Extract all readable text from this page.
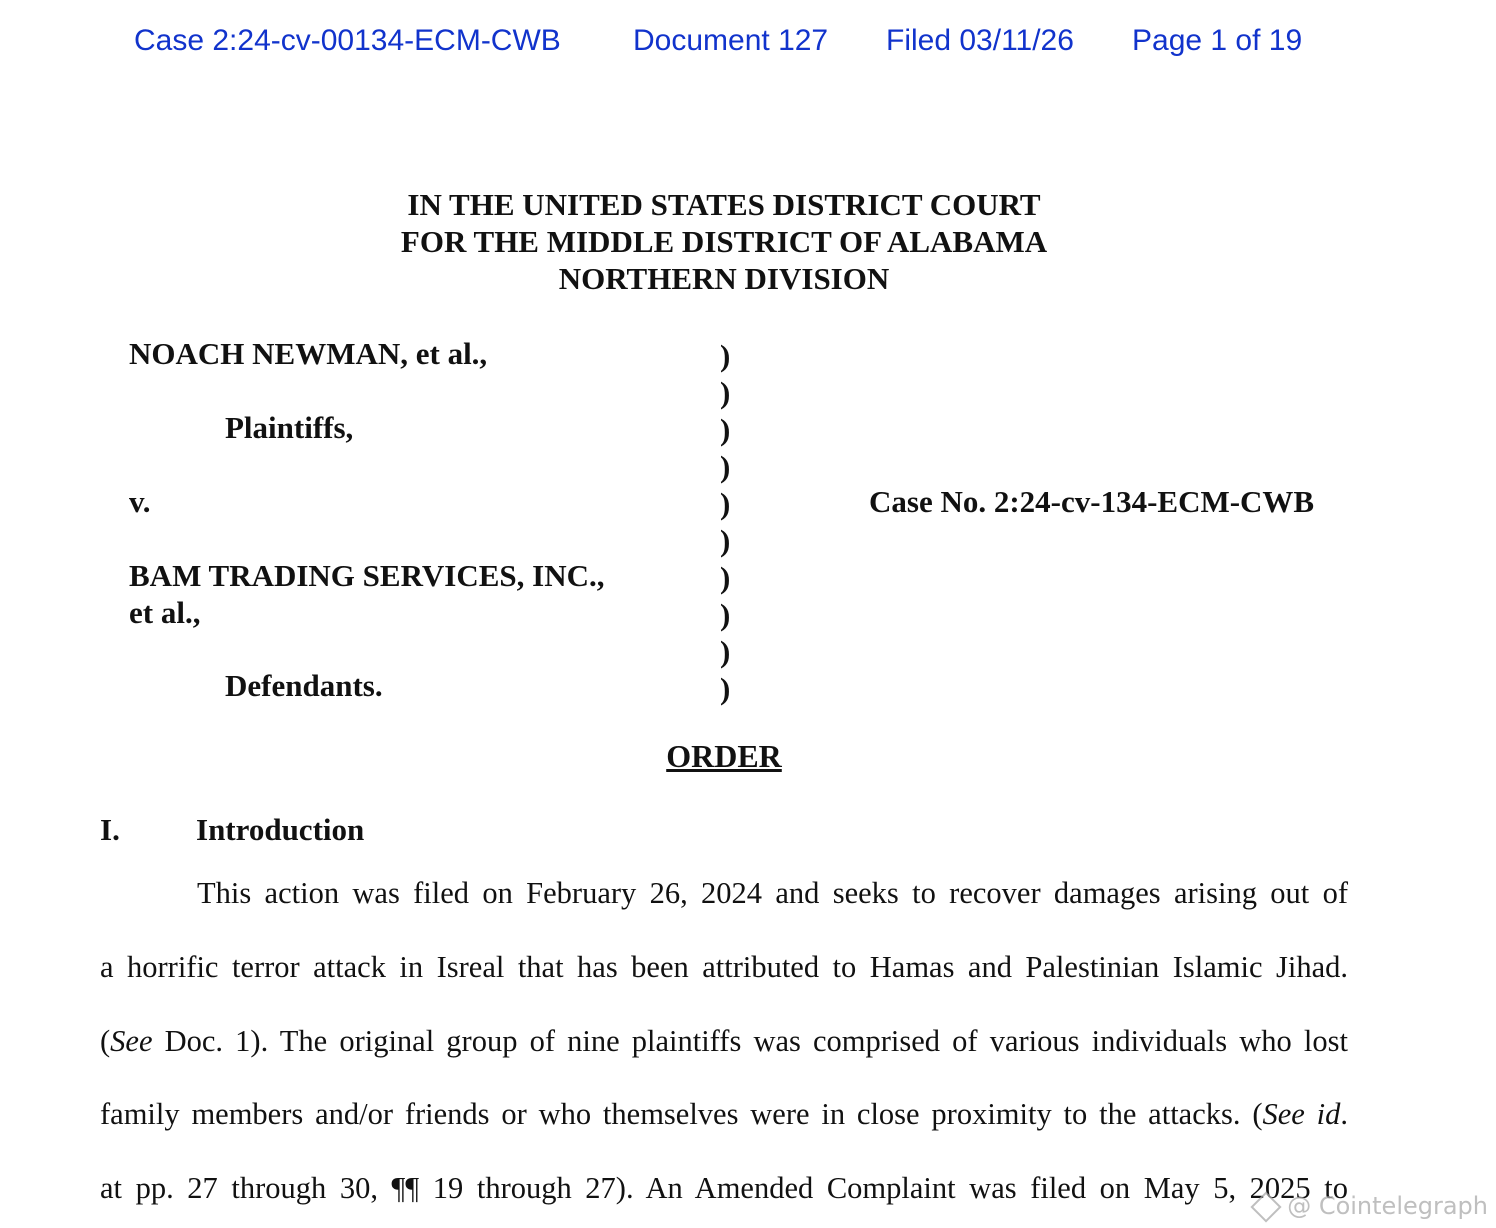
Case 2:24-cv-00134-ECM-CWB Document 127 Filed 03/11/26 Page 1 of 19
IN THE UNITED STATES DISTRICT COURT
FOR THE MIDDLE DISTRICT OF ALABAMA
NORTHERN DIVISION
NOACH NEWMAN, et al.,
Plaintiffs,
v.
BAM TRADING SERVICES, INC.,
et al.,
Defendants.
Case No. 2:24-cv-134-ECM-CWB
)
)
)
)
)
)
)
)
)
)
ORDER
I. Introduction
This action was filed on February 26, 2024 and seeks to recover damages arising out of
a horrific terror attack in Isreal that has been attributed to Hamas and Palestinian Islamic Jihad.
(See Doc. 1). The original group of nine plaintiffs was comprised of various individuals who lost
family members and/or friends or who themselves were in close proximity to the attacks. (See id.
at pp. 27 through 30, ¶¶ 19 through 27). An Amended Complaint was filed on May 5, 2025 to
@ Cointelegraph
